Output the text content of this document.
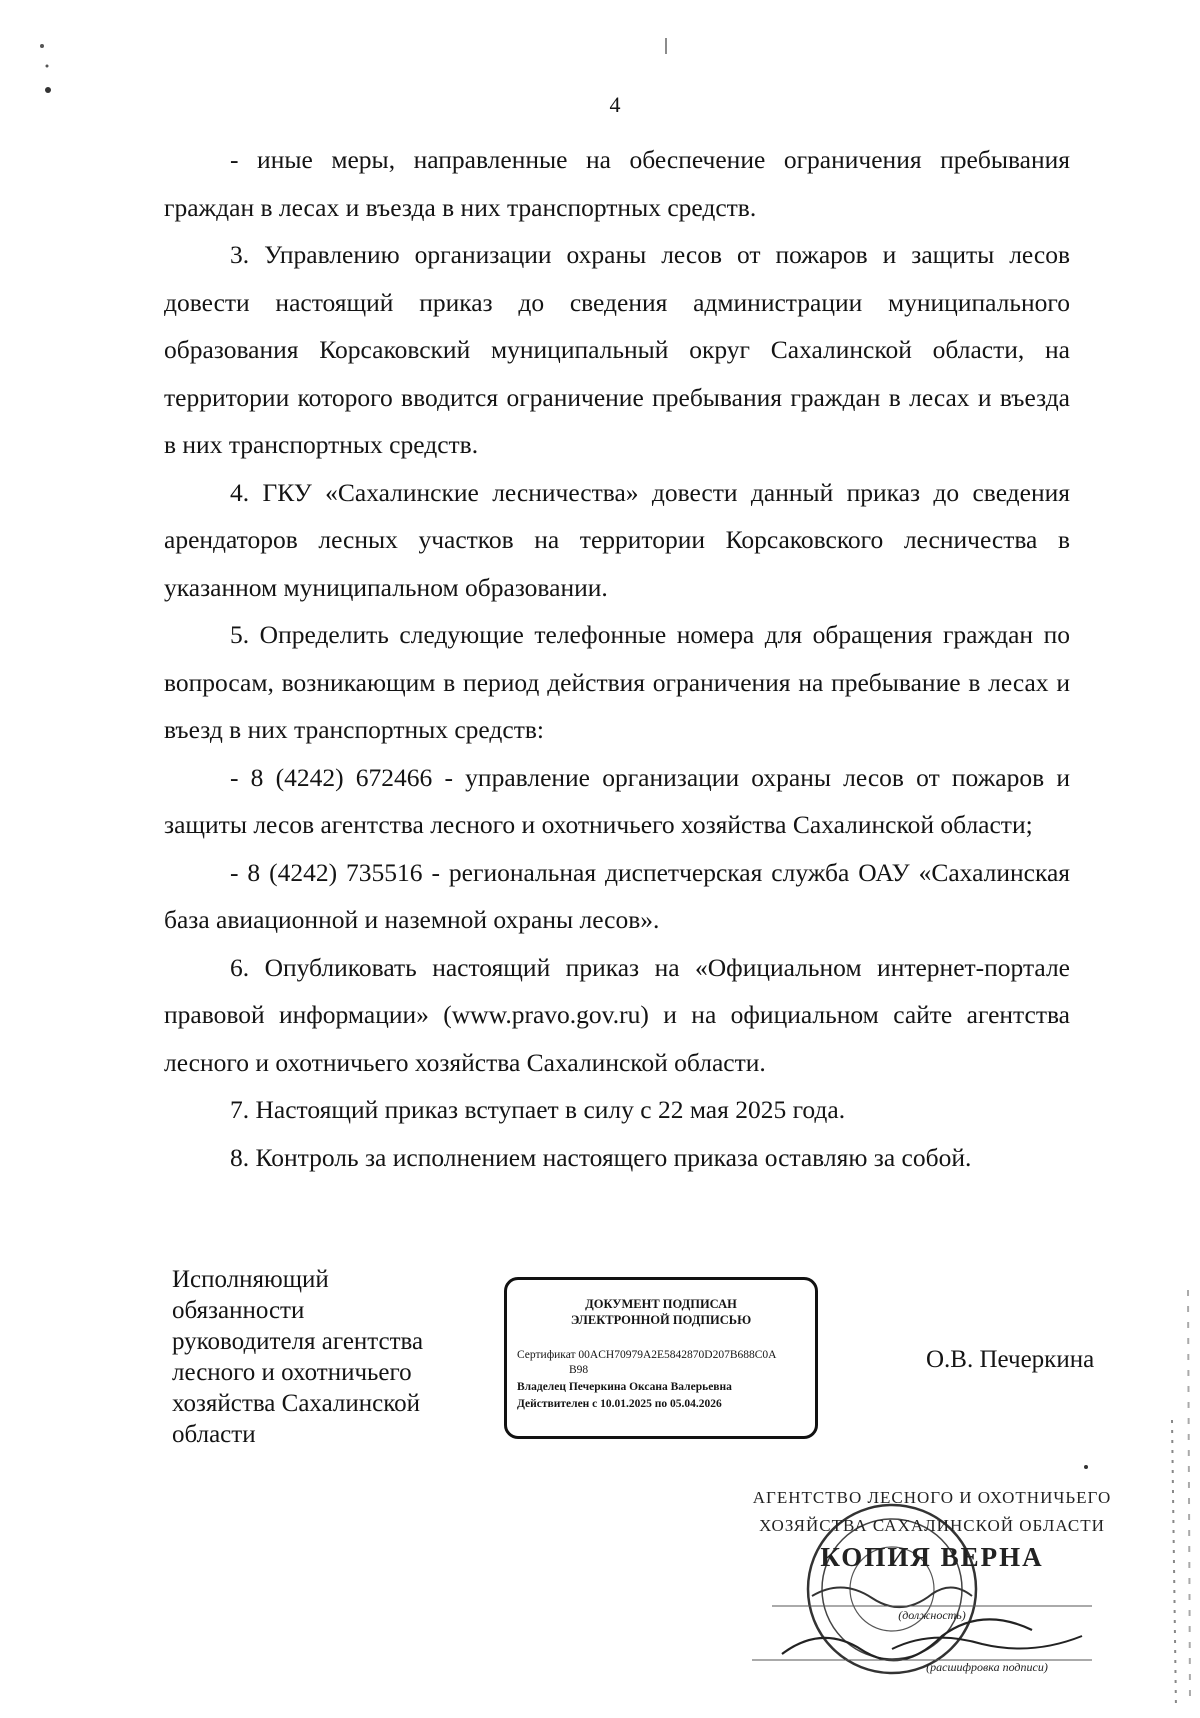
4

- иные меры, направленные на обеспечение ограничения пребывания граждан в лесах и въезда в них транспортных средств.

3. Управлению организации охраны лесов от пожаров и защиты лесов довести настоящий приказ до сведения администрации муниципального образования Корсаковский муниципальный округ Сахалинской области, на территории которого вводится ограничение пребывания граждан в лесах и въезда в них транспортных средств.

4. ГКУ «Сахалинские лесничества» довести данный приказ до сведения арендаторов лесных участков на территории Корсаковского лесничества в указанном муниципальном образовании.

5. Определить следующие телефонные номера для обращения граждан по вопросам, возникающим в период действия ограничения на пребывание в лесах и въезд в них транспортных средств:

- 8 (4242) 672466 - управление организации охраны лесов от пожаров и защиты лесов агентства лесного и охотничьего хозяйства Сахалинской области;

- 8 (4242) 735516 - региональная диспетчерская служба ОАУ «Сахалинская база авиационной и наземной охраны лесов».

6. Опубликовать настоящий приказ на «Официальном интернет-портале правовой информации» (www.pravo.gov.ru) и на официальном сайте агентства лесного и охотничьего хозяйства Сахалинской области.

7. Настоящий приказ вступает в силу с 22 мая 2025 года.

8. Контроль за исполнением настоящего приказа оставляю за собой.

Исполняющий
обязанности
руководителя агентства
лесного и охотничьего
хозяйства Сахалинской
области
ДОКУМЕНТ ПОДПИСАН
ЭЛЕКТРОННОЙ ПОДПИСЬЮ
Сертификат 00ACH70979A2E5842870D207B688C0A
B98
Владелец Печеркина Оксана Валерьевна
Действителен с 10.01.2025 по 05.04.2026
О.В. Печеркина
АГЕНТСТВО ЛЕСНОГО И ОХОТНИЧЬЕГО
ХОЗЯЙСТВА САХАЛИНСКОЙ ОБЛАСТИ
КОПИЯ ВЕРНА
(должность)
(расшифровка подписи)
